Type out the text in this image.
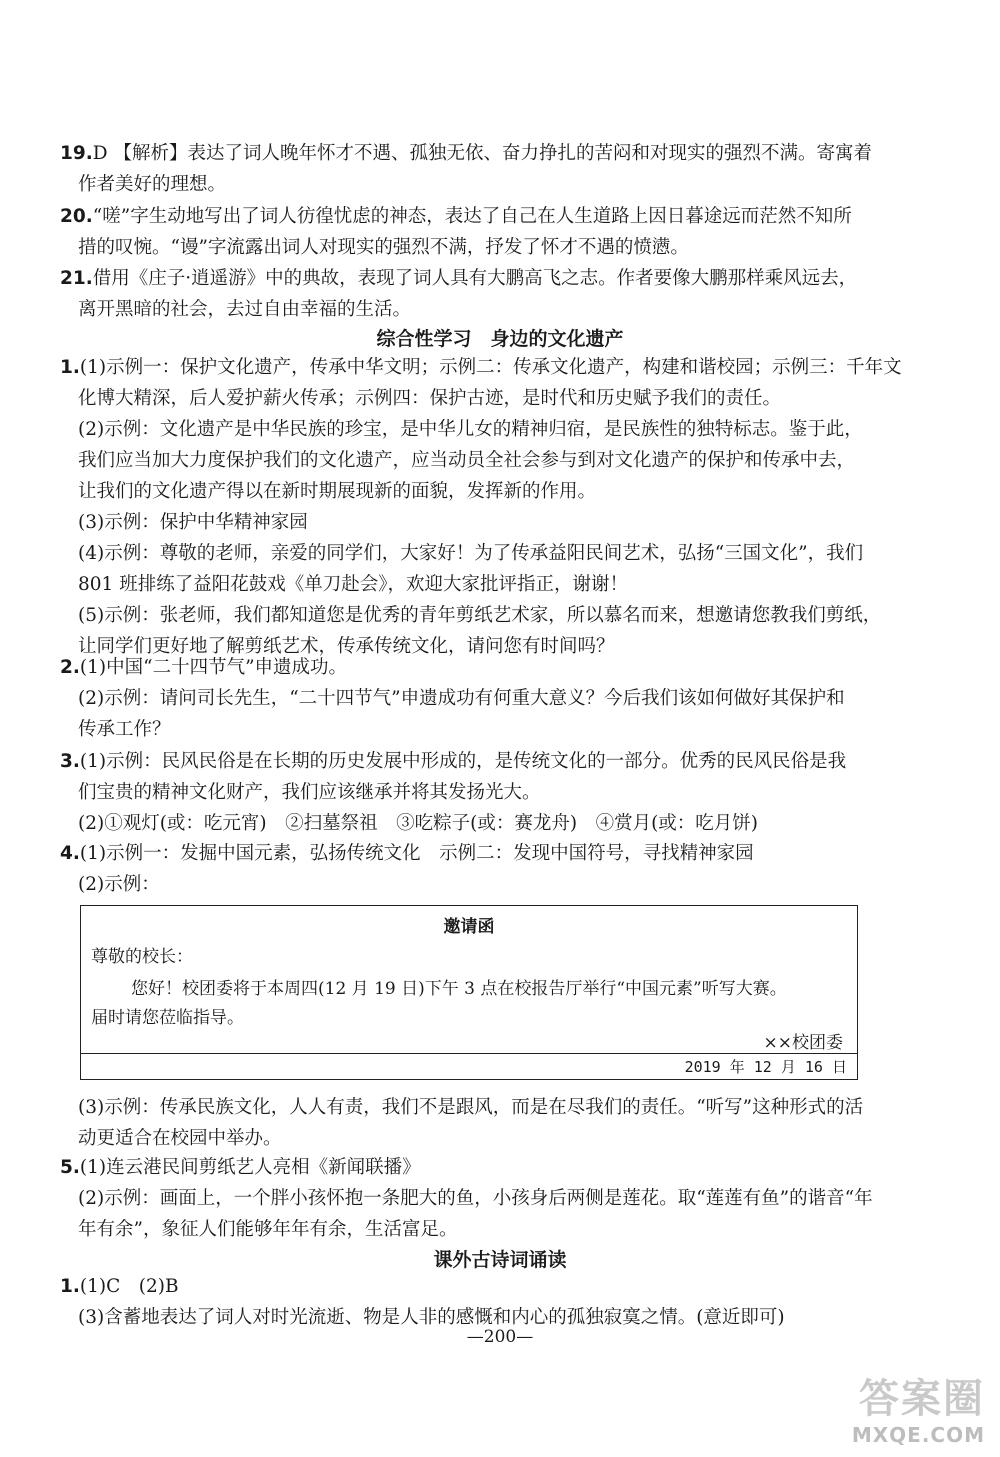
19.D 【解析】表达了词人晚年怀才不遇、孤独无依、奋力挣扎的苦闷和对现实的强烈不满。寄寓着
作者美好的理想。
20.“嗟”字生动地写出了词人彷徨忧虑的神态，表达了自己在人生道路上因日暮途远而茫然不知所
措的叹惋。“谩”字流露出词人对现实的强烈不满，抒发了怀才不遇的愤懑。
21.借用《庄子·逍遥游》中的典故，表现了词人具有大鹏高飞之志。作者要像大鹏那样乘风远去，
离开黑暗的社会，去过自由幸福的生活。
综合性学习　身边的文化遗产
1.(1)示例一：保护文化遗产，传承中华文明；示例二：传承文化遗产，构建和谐校园；示例三：千年文
化博大精深，后人爱护薪火传承；示例四：保护古迹，是时代和历史赋予我们的责任。
(2)示例：文化遗产是中华民族的珍宝，是中华儿女的精神归宿，是民族性的独特标志。鉴于此，
我们应当加大力度保护我们的文化遗产，应当动员全社会参与到对文化遗产的保护和传承中去，
让我们的文化遗产得以在新时期展现新的面貌，发挥新的作用。
(3)示例：保护中华精神家园
(4)示例：尊敬的老师，亲爱的同学们，大家好！为了传承益阳民间艺术，弘扬“三国文化”，我们
801 班排练了益阳花鼓戏《单刀赴会》，欢迎大家批评指正，谢谢！
(5)示例：张老师，我们都知道您是优秀的青年剪纸艺术家，所以慕名而来，想邀请您教我们剪纸，
让同学们更好地了解剪纸艺术，传承传统文化，请问您有时间吗？
2.(1)中国“二十四节气”申遗成功。
(2)示例：请问司长先生，“二十四节气”申遗成功有何重大意义？今后我们该如何做好其保护和
传承工作？
3.(1)示例：民风民俗是在长期的历史发展中形成的，是传统文化的一部分。优秀的民风民俗是我
们宝贵的精神文化财产，我们应该继承并将其发扬光大。
(2)①观灯(或：吃元宵)　②扫墓祭祖　③吃粽子(或：赛龙舟)　④赏月(或：吃月饼)
4.(1)示例一：发掘中国元素，弘扬传统文化　示例二：发现中国符号，寻找精神家园
(2)示例：
邀请函
尊敬的校长：
您好！校团委将于本周四(12 月 19 日)下午 3 点在校报告厅举行“中国元素”听写大赛。
届时请您莅临指导。
××校团委
2019 年 12 月 16 日
(3)示例：传承民族文化，人人有责，我们不是跟风，而是在尽我们的责任。“听写”这种形式的活
动更适合在校园中举办。
5.(1)连云港民间剪纸艺人亮相《新闻联播》
(2)示例：画面上，一个胖小孩怀抱一条肥大的鱼，小孩身后两侧是莲花。取“莲莲有鱼”的谐音“年
年有余”，象征人们能够年年有余，生活富足。
课外古诗词诵读
1.(1)C　(2)B
(3)含蓄地表达了词人对时光流逝、物是人非的感慨和内心的孤独寂寞之情。(意近即可)
—200—
答案圈
MXQE.COM
